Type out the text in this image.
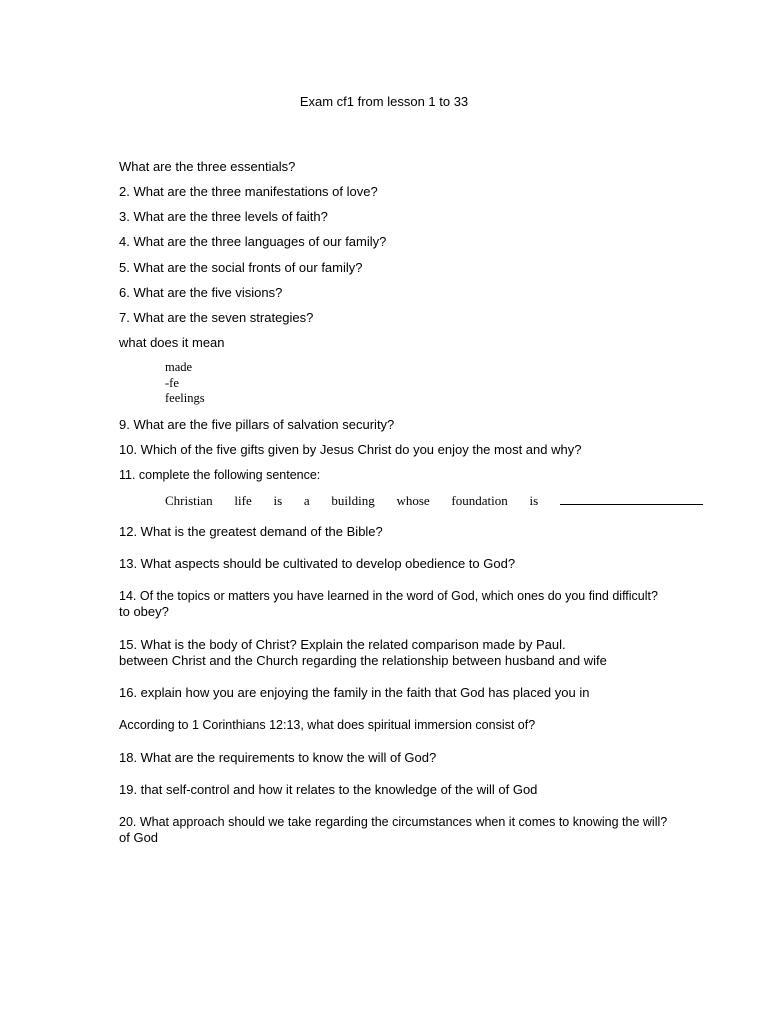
Exam cf1 from lesson 1 to 33
What are the three essentials?
2. What are the three manifestations of love?
3. What are the three levels of faith?
4. What are the three languages of our family?
5. What are the social fronts of our family?
6. What are the five visions?
7. What are the seven strategies?
what does it mean
made
-fe
feelings
9. What are the five pillars of salvation security?
10. Which of the five gifts given by Jesus Christ do you enjoy the most and why?
11. complete the following sentence:
Christian life is a building whose foundation is
12. What is the greatest demand of the Bible?
13. What aspects should be cultivated to develop obedience to God?
14. Of the topics or matters you have learned in the word of God, which ones do you find difficult?
to obey?
15. What is the body of Christ? Explain the related comparison made by Paul.
between Christ and the Church regarding the relationship between husband and wife
16. explain how you are enjoying the family in the faith that God has placed you in
According to 1 Corinthians 12:13, what does spiritual immersion consist of?
18. What are the requirements to know the will of God?
19. that self-control and how it relates to the knowledge of the will of God
20. What approach should we take regarding the circumstances when it comes to knowing the will?
of God
